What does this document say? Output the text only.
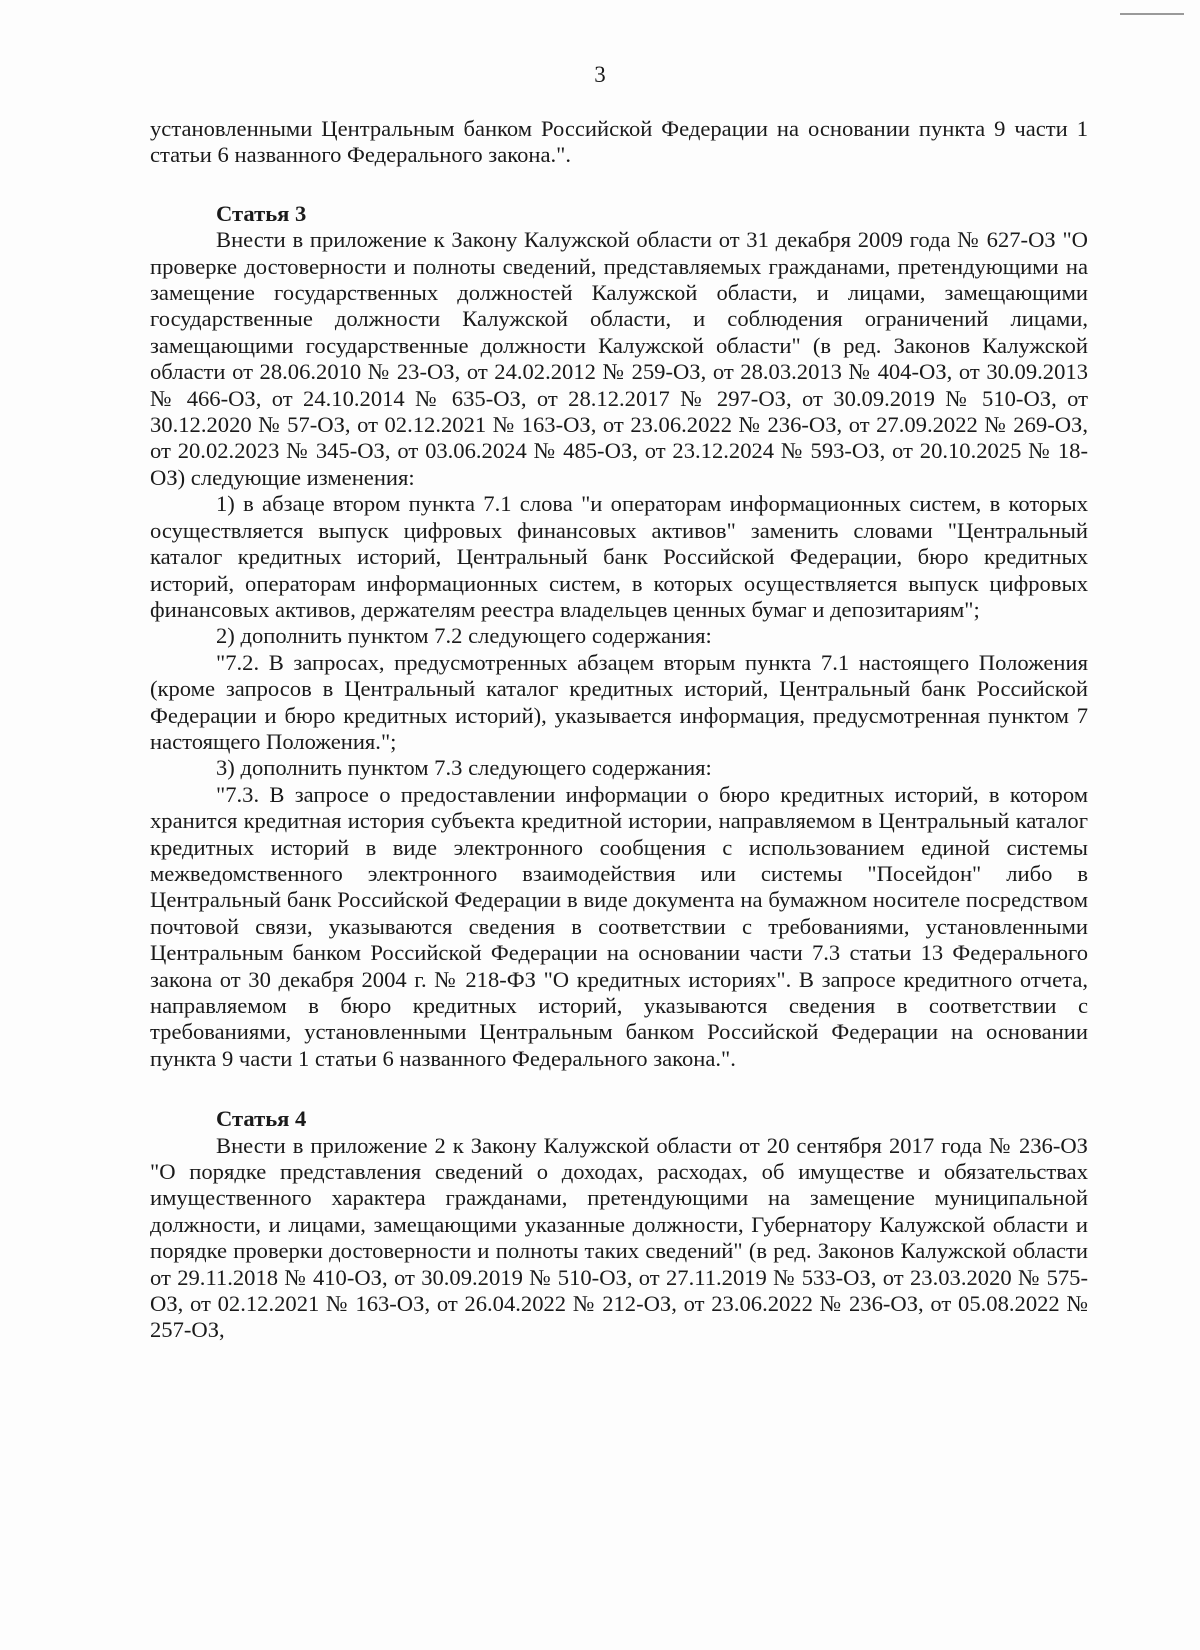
3

установленными Центральным банком Российской Федерации на основании пункта 9 части 1 статьи 6 названного Федерального закона.".

Статья 3

Внести в приложение к Закону Калужской области от 31 декабря 2009 года № 627-ОЗ "О проверке достоверности и полноты сведений, представляемых гражданами, претендующими на замещение государственных должностей Калужской области, и лицами, замещающими государственные должности Калужской области, и соблюдения ограничений лицами, замещающими государственные должности Калужской области" (в ред. Законов Калужской области от 28.06.2010 № 23-ОЗ, от 24.02.2012 № 259-ОЗ, от 28.03.2013 № 404-ОЗ, от 30.09.2013 № 466-ОЗ, от 24.10.2014 № 635-ОЗ, от 28.12.2017 № 297-ОЗ, от 30.09.2019 № 510-ОЗ, от 30.12.2020 № 57-ОЗ, от 02.12.2021 № 163-ОЗ, от 23.06.2022 № 236-ОЗ, от 27.09.2022 № 269-ОЗ, от 20.02.2023 № 345-ОЗ, от 03.06.2024 № 485-ОЗ, от 23.12.2024 № 593-ОЗ, от 20.10.2025 № 18-ОЗ) следующие изменения:

1) в абзаце втором пункта 7.1 слова "и операторам информационных систем, в которых осуществляется выпуск цифровых финансовых активов" заменить словами "Центральный каталог кредитных историй, Центральный банк Российской Федерации, бюро кредитных историй, операторам информационных систем, в которых осуществляется выпуск цифровых финансовых активов, держателям реестра владельцев ценных бумаг и депозитариям";

2) дополнить пунктом 7.2 следующего содержания:

"7.2. В запросах, предусмотренных абзацем вторым пункта 7.1 настоящего Положения (кроме запросов в Центральный каталог кредитных историй, Центральный банк Российской Федерации и бюро кредитных историй), указывается информация, предусмотренная пунктом 7 настоящего Положения.";

3) дополнить пунктом 7.3 следующего содержания:

"7.3. В запросе о предоставлении информации о бюро кредитных историй, в котором хранится кредитная история субъекта кредитной истории, направляемом в Центральный каталог кредитных историй в виде электронного сообщения с использованием единой системы межведомственного электронного взаимодействия или системы "Посейдон" либо в Центральный банк Российской Федерации в виде документа на бумажном носителе посредством почтовой связи, указываются сведения в соответствии с требованиями, установленными Центральным банком Российской Федерации на основании части 7.3 статьи 13 Федерального закона от 30 декабря 2004 г. № 218-ФЗ "О кредитных историях". В запросе кредитного отчета, направляемом в бюро кредитных историй, указываются сведения в соответствии с требованиями, установленными Центральным банком Российской Федерации на основании пункта 9 части 1 статьи 6 названного Федерального закона.".

Статья 4

Внести в приложение 2 к Закону Калужской области от 20 сентября 2017 года № 236-ОЗ "О порядке представления сведений о доходах, расходах, об имуществе и обязательствах имущественного характера гражданами, претендующими на замещение муниципальной должности, и лицами, замещающими указанные должности, Губернатору Калужской области и порядке проверки достоверности и полноты таких сведений" (в ред. Законов Калужской области от 29.11.2018 № 410-ОЗ, от 30.09.2019 № 510-ОЗ, от 27.11.2019 № 533-ОЗ, от 23.03.2020 № 575-ОЗ, от 02.12.2021 № 163-ОЗ, от 26.04.2022 № 212-ОЗ, от 23.06.2022 № 236-ОЗ, от 05.08.2022 № 257-ОЗ,
